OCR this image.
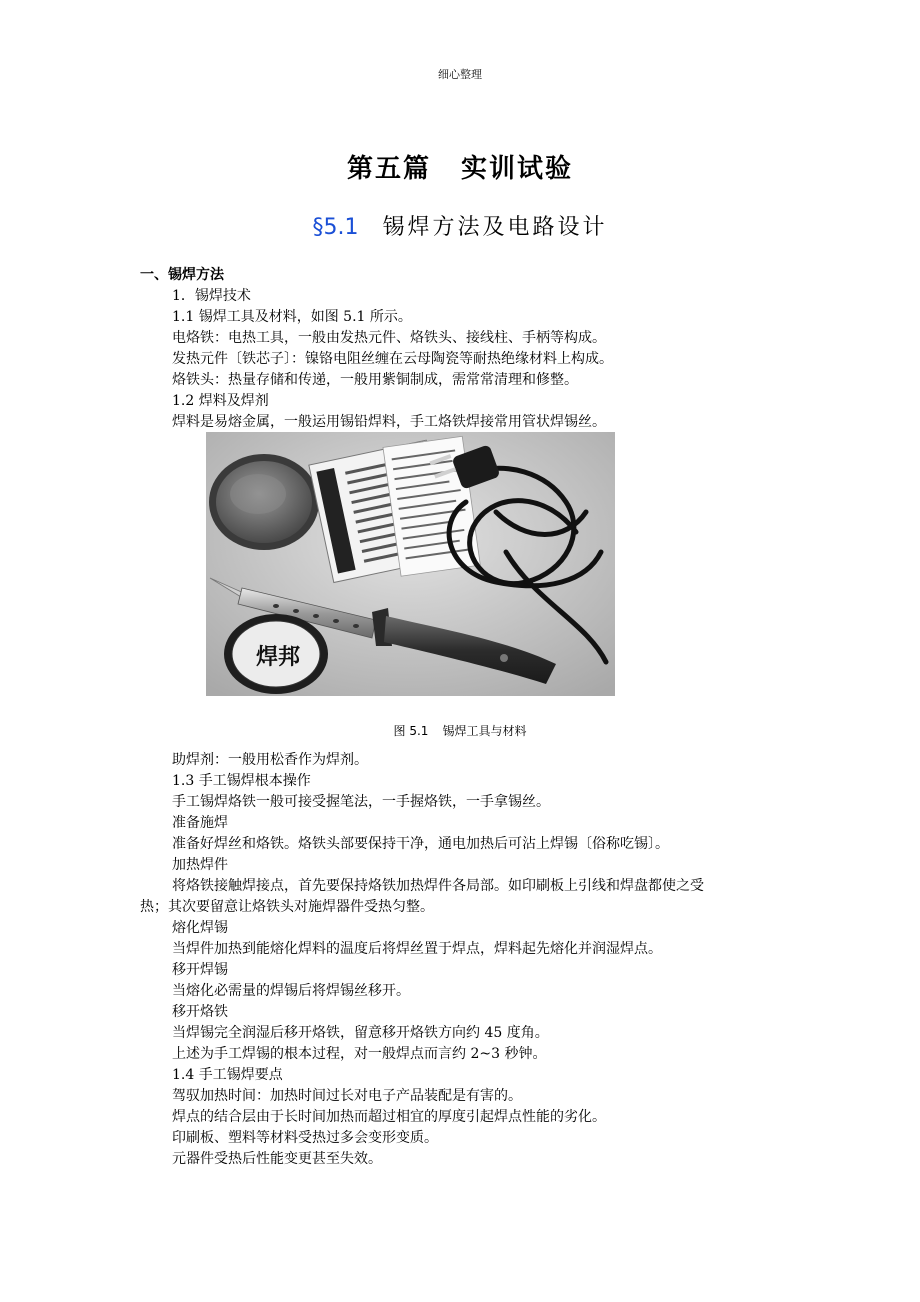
细心整理
第五篇 实训试验
§5.1 锡焊方法及电路设计
一、锡焊方法
1．锡焊技术
1.1 锡焊工具及材料，如图 5.1 所示。
电烙铁：电热工具，一般由发热元件、烙铁头、接线柱、手柄等构成。
发热元件〔铁芯子〕：镍铬电阻丝缠在云母陶瓷等耐热绝缘材料上构成。
烙铁头：热量存储和传递，一般用紫铜制成，需常常清理和修整。
1.2 焊料及焊剂
焊料是易熔金属，一般运用锡铅焊料，手工烙铁焊接常用管状焊锡丝。
焊邦
图 5.1 锡焊工具与材料
助焊剂：一般用松香作为焊剂。
1.3 手工锡焊根本操作
手工锡焊烙铁一般可接受握笔法，一手握烙铁，一手拿锡丝。
准备施焊
准备好焊丝和烙铁。烙铁头部要保持干净，通电加热后可沾上焊锡〔俗称吃锡〕。
加热焊件
将烙铁接触焊接点，首先要保持烙铁加热焊件各局部。如印刷板上引线和焊盘都使之受
热；其次要留意让烙铁头对施焊器件受热匀整。
熔化焊锡
当焊件加热到能熔化焊料的温度后将焊丝置于焊点，焊料起先熔化并润湿焊点。
移开焊锡
当熔化必需量的焊锡后将焊锡丝移开。
移开烙铁
当焊锡完全润湿后移开烙铁，留意移开烙铁方向约 45 度角。
上述为手工焊锡的根本过程，对一般焊点而言约 2~3 秒钟。
1.4 手工锡焊要点
驾驭加热时间：加热时间过长对电子产品装配是有害的。
焊点的结合层由于长时间加热而超过相宜的厚度引起焊点性能的劣化。
印刷板、塑料等材料受热过多会变形变质。
元器件受热后性能变更甚至失效。
